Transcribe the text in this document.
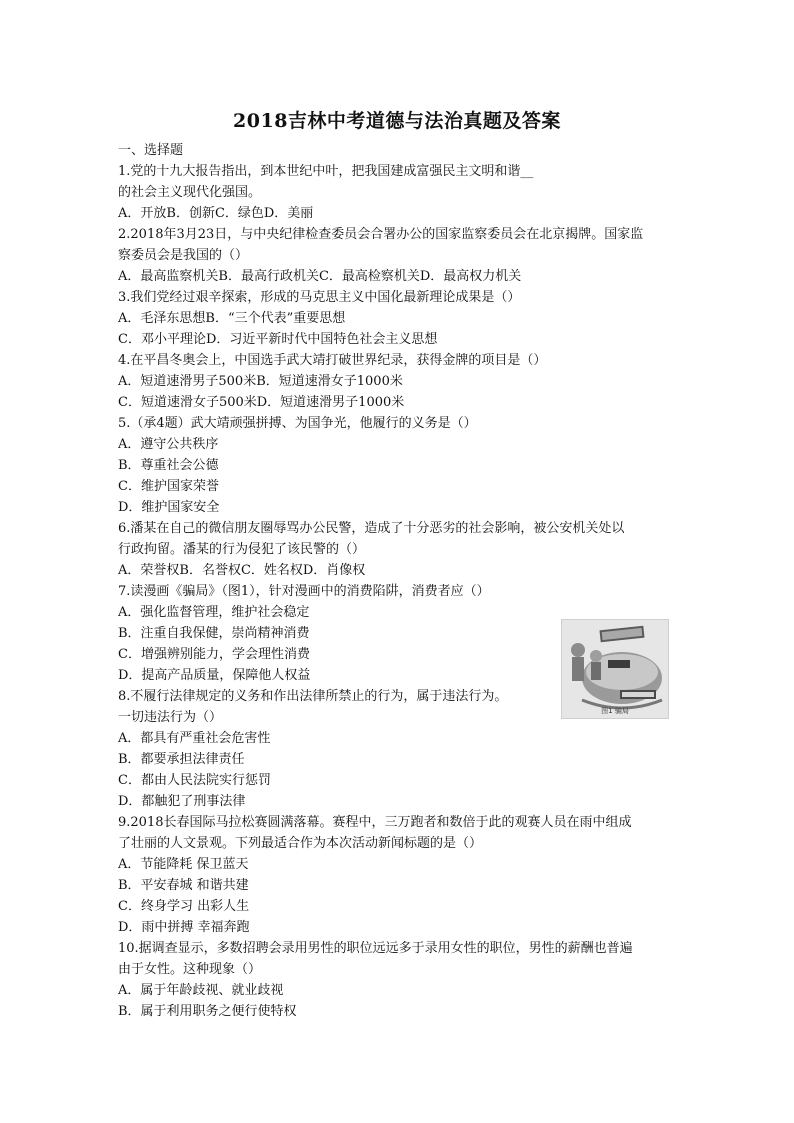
2018吉林中考道德与法治真题及答案
一、选择题
1.党的十九大报告指出，到本世纪中叶，把我国建成富强民主文明和谐__
的社会主义现代化强国。
A．开放B．创新C．绿色D．美丽
2.2018年3月23日，与中央纪律检查委员会合署办公的国家监察委员会在北京揭牌。国家监
察委员会是我国的（）
A．最高监察机关B．最高行政机关C．最高检察机关D．最高权力机关
3.我们党经过艰辛探索，形成的马克思主义中国化最新理论成果是（）
A．毛泽东思想B．“三个代表”重要思想
C．邓小平理论D．习近平新时代中国特色社会主义思想
4.在平昌冬奥会上，中国选手武大靖打破世界纪录，获得金牌的项目是（）
A．短道速滑男子500米B．短道速滑女子1000米
C．短道速滑女子500米D．短道速滑男子1000米
5.（承4题）武大靖顽强拼搏、为国争光，他履行的义务是（）
A．遵守公共秩序
B．尊重社会公德
C．维护国家荣誉
D．维护国家安全
6.潘某在自己的微信朋友圈辱骂办公民警，造成了十分恶劣的社会影响，被公安机关处以
行政拘留。潘某的行为侵犯了该民警的（）
A．荣誉权B．名誉权C．姓名权D．肖像权
7.读漫画《骗局》（图1），针对漫画中的消费陷阱，消费者应（）
A．强化监督管理，维护社会稳定
B．注重自我保健，崇尚精神消费
C．增强辨别能力，学会理性消费
D．提高产品质量，保障他人权益
8.不履行法律规定的义务和作出法律所禁止的行为，属于违法行为。
一切违法行为（）
A．都具有严重社会危害性
B．都要承担法律责任
C．都由人民法院实行惩罚
D．都触犯了刑事法律
9.2018长春国际马拉松赛圆满落幕。赛程中，三万跑者和数倍于此的观赛人员在雨中组成
了壮丽的人文景观。下列最适合作为本次活动新闻标题的是（）
A．节能降耗 保卫蓝天
B．平安春城 和谐共建
C．终身学习 出彩人生
D．雨中拼搏 幸福奔跑
10.据调查显示，多数招聘会录用男性的职位远远多于录用女性的职位，男性的薪酬也普遍
由于女性。这种现象（）
A．属于年龄歧视、就业歧视
B．属于利用职务之便行使特权
图1 骗局
